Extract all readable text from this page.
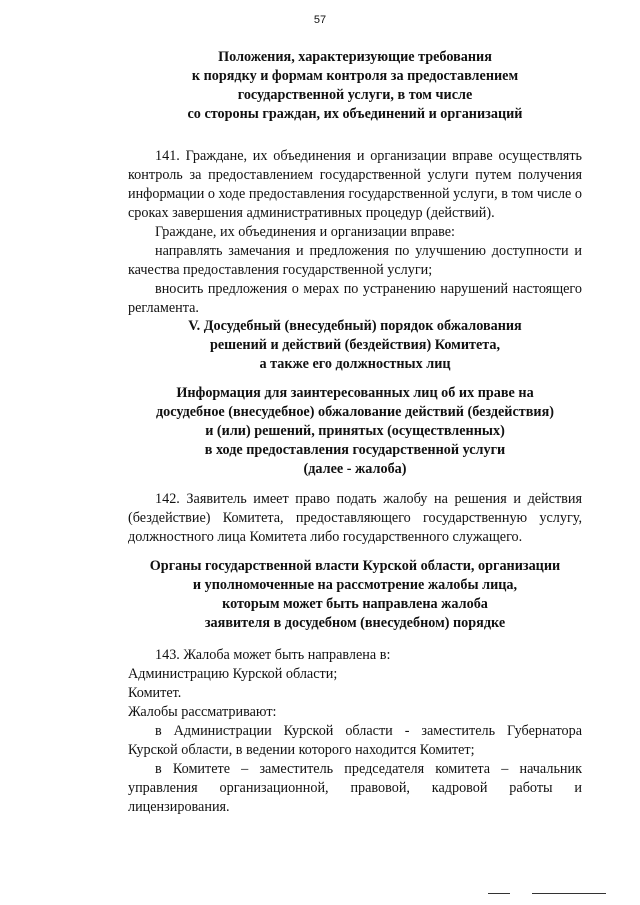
57
Положения, характеризующие требования
к порядку и формам контроля за предоставлением
государственной услуги, в том числе
со стороны граждан, их объединений и организаций

141. Граждане, их объединения и организации вправе осуществлять контроль за предоставлением государственной услуги путем получения информации о ходе предоставления государственной услуги, в том числе о сроках завершения административных процедур (действий).

Граждане, их объединения и организации вправе:

направлять замечания и предложения по улучшению доступности и качества предоставления государственной услуги;

вносить предложения о мерах по устранению нарушений настоящего регламента.

V. Досудебный (внесудебный) порядок обжалования
решений и действий (бездействия) Комитета,
а также его должностных лиц
Информация для заинтересованных лиц об их праве на
досудебное (внесудебное) обжалование действий (бездействия)
и (или) решений, принятых (осуществленных)
в ходе предоставления государственной услуги
(далее - жалоба)

142. Заявитель имеет право подать жалобу на решения и действия (бездействие) Комитета, предоставляющего государственную услугу, должностного лица Комитета либо государственного служащего.

Органы государственной власти Курской области, организации
и уполномоченные на рассмотрение жалобы лица,
которым может быть направлена жалоба
заявителя в досудебном (внесудебном) порядке

143. Жалоба может быть направлена в:

Администрацию Курской области;

Комитет.

Жалобы рассматривают:

в Администрации Курской области - заместитель Губернатора Курской области, в ведении которого находится Комитет;

в Комитете – заместитель председателя комитета – начальник управления организационной, правовой, кадровой работы и лицензирования.
